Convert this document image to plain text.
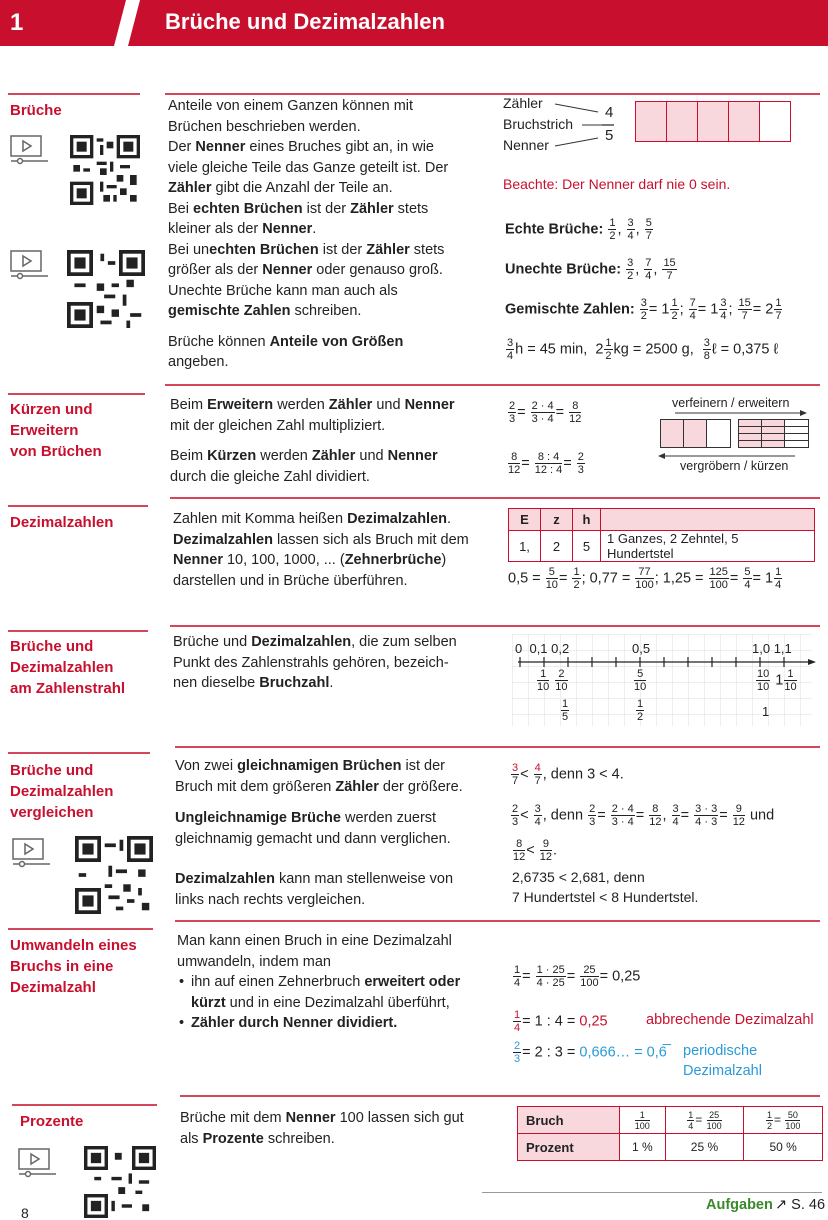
1	Brüche und Dezimalzahlen
Brüche	Anteile von einem Ganzen können mit
Brüchen beschrieben werden.
Der Nenner eines Bruches gibt an, in wie
viele gleiche Teile das Ganze geteilt ist. Der
Zähler gibt die Anzahl der Teile an.
Bei echten Brüchen ist der Zähler stets
kleiner als der Nenner.
Bei unechten Brüchen ist der Zähler stets
größer als der Nenner oder genauso groß.
Unechte Brüche kann man auch als
gemischte Zahlen schreiben.
Brüche können Anteile von Größen
angeben.
Zähler
Bruchstrich
Nenner
4
5
Beachte: Der Nenner darf nie 0 sein.
Echte Brüche: $\frac{1}{2}$ , $\frac{3}{4}$ , $\frac{5}{7}$
Unechte Brüche: $\frac{3}{2}$ , $\frac{7}{4}$ , $\frac{15}{7}$
Gemischte Zahlen: $\frac{3}{2} = 1 \frac{1}{2}$ ; $\frac{7}{4} = 1 \frac{3}{4}$ ; $\frac{15}{7} = 2 \frac{1}{7}$
$\frac{3}{4}$ h = 45 min,  $2 \frac{1}{2}$ kg = 2500 g, $\frac{3}{8}$ ℓ = 0,375 ℓ
Kürzen und
Erweitern
von Brüchen
Beim Erweitern werden Zähler und Nenner
mit der gleichen Zahl multipliziert.
Beim Kürzen werden Zähler und Nenner
durch die gleiche Zahl dividiert.
$\frac{2}{3} = \frac{2 \cdot 4}{3 \cdot 4} = \frac{8}{12}$
$\frac{8}{12} = \frac{8 : 4}{12 : 4} = \frac{2}{3}$
verfeinern / erweitern
vergröbern / kürzen
Dezimalzahlen	Zahlen mit Komma heißen Dezimalzahlen.
Dezimalzahlen lassen sich als Bruch mit dem
Nenner 10, 100, 1000, ... (Zehnerbrüche)
darstellen und in Brüche überführen.
E	z	h	
1,	2	5	1 Ganzes, 2 Zehntel, 5 Hundertstel
$0,5 = \frac{5}{10} = \frac{1}{2}$ ; $0,77 = \frac{77}{100}$ ; $1,25 = \frac{125}{100} = \frac{5}{4} = 1 \frac{1}{4}$
Brüche und
Dezimalzahlen
am Zahlenstrahl
Brüche und Dezimalzahlen, die zum selben
Punkt des Zahlenstrahls gehören, bezeich-
nen dieselbe Bruchzahl.
0 0,1 0,2	0,5	1,0 1,1
$\frac{1}{10}$
$\frac{2}{10}$
$\frac{1}{5}$
$\frac{5}{10}$
$\frac{1}{2}$
$\frac{10}{10} 1 \frac{1}{10}$
1
Brüche und
Dezimalzahlen
vergleichen
Von zwei gleichnamigen Brüchen ist der
Bruch mit dem größeren Zähler der größere.
Ungleichnamige Brüche werden zuerst
gleichnamig gemacht und dann verglichen.
Dezimalzahlen kann man stellenweise von
links nach rechts vergleichen.
$\frac{3}{7} < \frac{4}{7}$ , denn 3 < 4.
$\frac{2}{3} < \frac{3}{4}$ , denn $\frac{2}{3} = \frac{2 \cdot 4}{3 \cdot 4} = \frac{8}{12}$ , $\frac{3}{4} = \frac{3 \cdot 3}{4 \cdot 3} = \frac{9}{12}$ und
$\frac{8}{12} < \frac{9}{12}$ .
2,6735 < 2,681, denn
7 Hundertstel < 8 Hundertstel.
Umwandeln eines
Bruchs in eine
Dezimalzahl
Man kann einen Bruch in eine Dezimalzahl
umwandeln, indem man
• ihn auf einen Zehnerbruch erweitert oder
kürzt und in eine Dezimalzahl überführt,
• Zähler durch Nenner dividiert.
$\frac{1}{4} = \frac{1 \cdot 25}{4 \cdot 25} = \frac{25}{100} = 0,25$
$\frac{1}{4} = 1$ : 4 = 0,25	abbrechende Dezimalzahl
$\frac{2}{3} = 2$ : 3 = 0,666… = 0,6̅ periodische
Dezimalzahl
Prozente	Brüche mit dem Nenner 100 lassen sich gut
als Prozente schreiben.
Bruch	$\frac{1}{100}$	$\frac{1}{4} = \frac{25}{100}$	$\frac{1}{2} = \frac{50}{100}$

Prozent	1 %	25 %	50 %
8	Aufgaben ↗ S. 46
